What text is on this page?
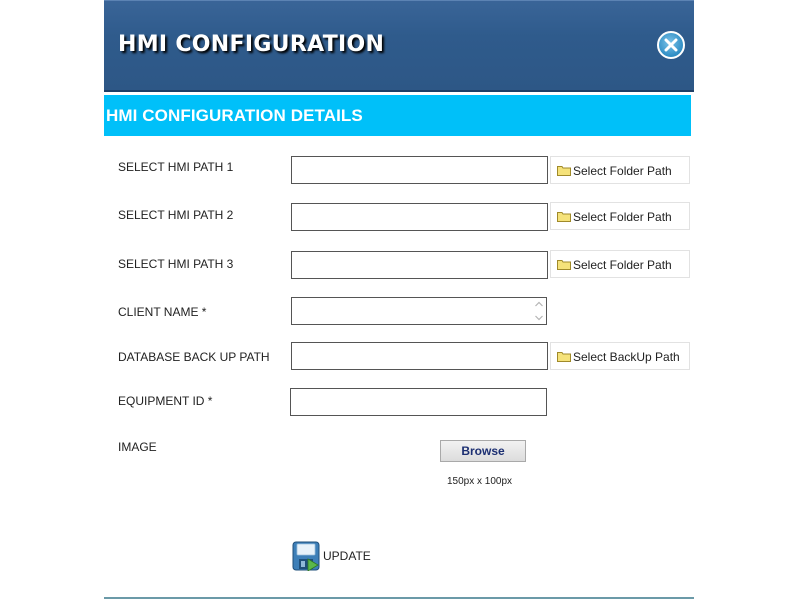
HMI CONFIGURATION
HMI CONFIGURATION DETAILS
SELECT HMI PATH 1	Select Folder Path
SELECT HMI PATH 2	Select Folder Path
SELECT HMI PATH 3	Select Folder Path
CLIENT NAME *
DATABASE BACK UP PATH	Select BackUp Path
EQUIPMENT ID *
IMAGE	Browse
150px x 100px
UPDATE
